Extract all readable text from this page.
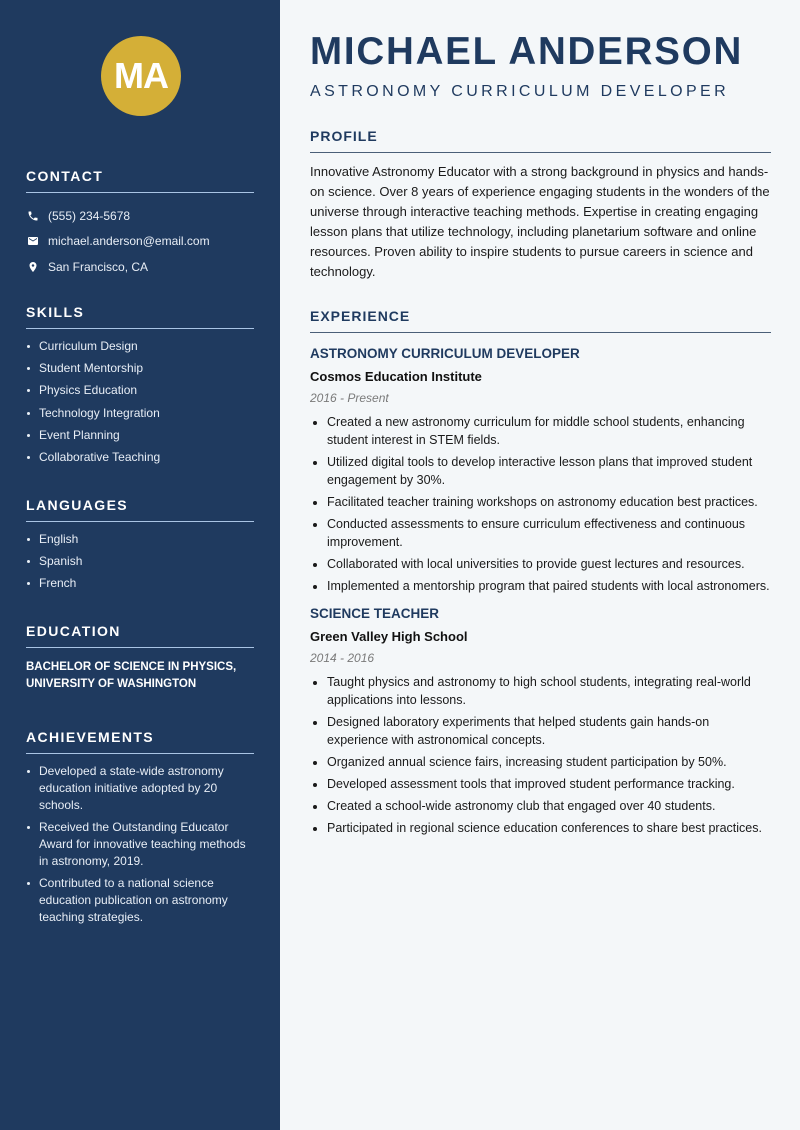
MA
CONTACT
(555) 234-5678
michael.anderson@email.com
San Francisco, CA
SKILLS
Curriculum Design
Student Mentorship
Physics Education
Technology Integration
Event Planning
Collaborative Teaching
LANGUAGES
English
Spanish
French
EDUCATION

BACHELOR OF SCIENCE IN PHYSICS, UNIVERSITY OF WASHINGTON

ACHIEVEMENTS
Developed a state-wide astronomy education initiative adopted by 20 schools.
Received the Outstanding Educator Award for innovative teaching methods in astronomy, 2019.
Contributed to a national science education publication on astronomy teaching strategies.
MICHAEL ANDERSON
ASTRONOMY CURRICULUM DEVELOPER
PROFILE

Innovative Astronomy Educator with a strong background in physics and hands-on science. Over 8 years of experience engaging students in the wonders of the universe through interactive teaching methods. Expertise in creating engaging lesson plans that utilize technology, including planetarium software and online resources. Proven ability to inspire students to pursue careers in science and technology.

EXPERIENCE
ASTRONOMY CURRICULUM DEVELOPER
Cosmos Education Institute
2016 - Present
Created a new astronomy curriculum for middle school students, enhancing student interest in STEM fields.
Utilized digital tools to develop interactive lesson plans that improved student engagement by 30%.
Facilitated teacher training workshops on astronomy education best practices.
Conducted assessments to ensure curriculum effectiveness and continuous improvement.
Collaborated with local universities to provide guest lectures and resources.
Implemented a mentorship program that paired students with local astronomers.
SCIENCE TEACHER
Green Valley High School
2014 - 2016
Taught physics and astronomy to high school students, integrating real-world applications into lessons.
Designed laboratory experiments that helped students gain hands-on experience with astronomical concepts.
Organized annual science fairs, increasing student participation by 50%.
Developed assessment tools that improved student performance tracking.
Created a school-wide astronomy club that engaged over 40 students.
Participated in regional science education conferences to share best practices.
